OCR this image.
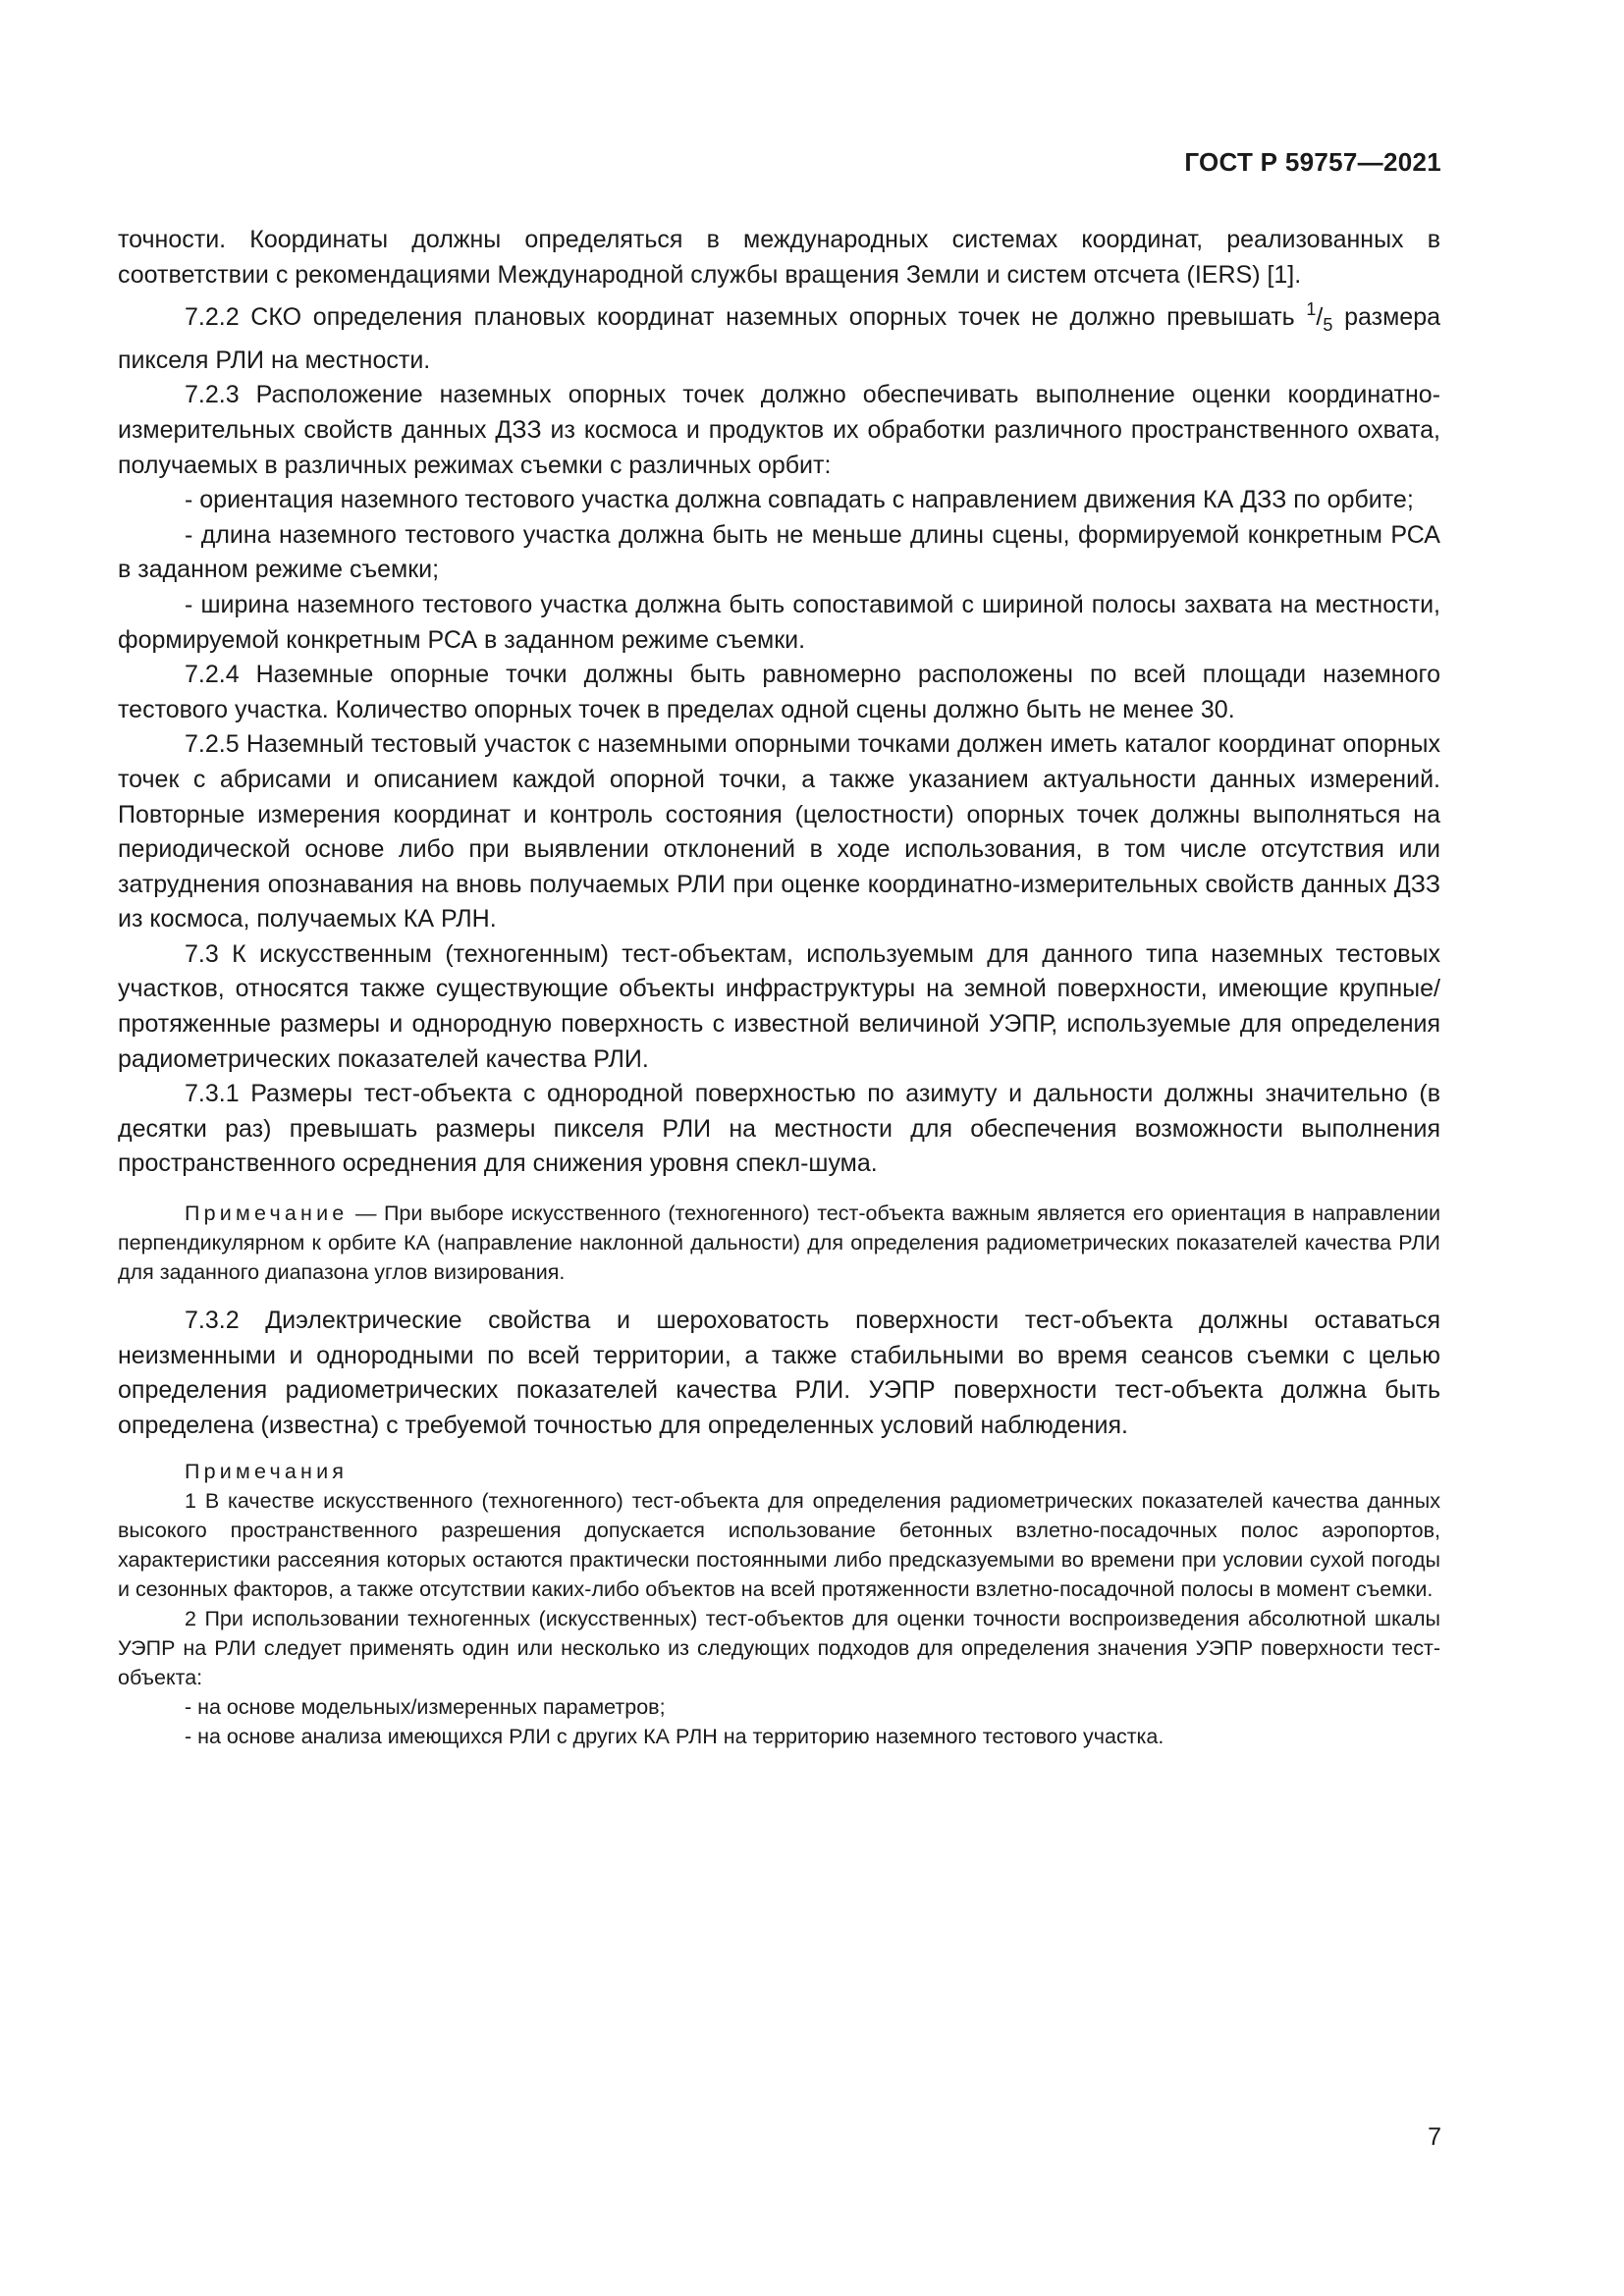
ГОСТ Р 59757—2021

точности. Координаты должны определяться в международных системах координат, реализованных в соответствии с рекомендациями Международной службы вращения Земли и систем отсчета (IERS) [1].

7.2.2 СКО определения плановых координат наземных опорных точек не должно превышать $^1/_5$ размера пикселя РЛИ на местности.

7.2.3 Расположение наземных опорных точек должно обеспечивать выполнение оценки координатно-измерительных свойств данных ДЗЗ из космоса и продуктов их обработки различного пространственного охвата, получаемых в различных режимах съемки с различных орбит:

- ориентация наземного тестового участка должна совпадать с направлением движения КА ДЗЗ по орбите;

- длина наземного тестового участка должна быть не меньше длины сцены, формируемой конкретным РСА в заданном режиме съемки;

- ширина наземного тестового участка должна быть сопоставимой с шириной полосы захвата на местности, формируемой конкретным РСА в заданном режиме съемки.

7.2.4 Наземные опорные точки должны быть равномерно расположены по всей площади наземного тестового участка. Количество опорных точек в пределах одной сцены должно быть не менее 30.

7.2.5 Наземный тестовый участок с наземными опорными точками должен иметь каталог координат опорных точек с абрисами и описанием каждой опорной точки, а также указанием актуальности данных измерений. Повторные измерения координат и контроль состояния (целостности) опорных точек должны выполняться на периодической основе либо при выявлении отклонений в ходе использования, в том числе отсутствия или затруднения опознавания на вновь получаемых РЛИ при оценке координатно-измерительных свойств данных ДЗЗ из космоса, получаемых КА РЛН.

7.3 К искусственным (техногенным) тест-объектам, используемым для данного типа наземных тестовых участков, относятся также существующие объекты инфраструктуры на земной поверхности, имеющие крупные/протяженные размеры и однородную поверхность с известной величиной УЭПР, используемые для определения радиометрических показателей качества РЛИ.

7.3.1 Размеры тест-объекта с однородной поверхностью по азимуту и дальности должны значительно (в десятки раз) превышать размеры пикселя РЛИ на местности для обеспечения возможности выполнения пространственного осреднения для снижения уровня спекл-шума.

Примечание — При выборе искусственного (техногенного) тест-объекта важным является его ориентация в направлении перпендикулярном к орбите КА (направление наклонной дальности) для определения радиометрических показателей качества РЛИ для заданного диапазона углов визирования.

7.3.2 Диэлектрические свойства и шероховатость поверхности тест-объекта должны оставаться неизменными и однородными по всей территории, а также стабильными во время сеансов съемки с целью определения радиометрических показателей качества РЛИ. УЭПР поверхности тест-объекта должна быть определена (известна) с требуемой точностью для определенных условий наблюдения.

Примечания

1 В качестве искусственного (техногенного) тест-объекта для определения радиометрических показателей качества данных высокого пространственного разрешения допускается использование бетонных взлетно-посадочных полос аэропортов, характеристики рассеяния которых остаются практически постоянными либо предсказуемыми во времени при условии сухой погоды и сезонных факторов, а также отсутствии каких-либо объектов на всей протяженности взлетно-посадочной полосы в момент съемки.

2 При использовании техногенных (искусственных) тест-объектов для оценки точности воспроизведения абсолютной шкалы УЭПР на РЛИ следует применять один или несколько из следующих подходов для определения значения УЭПР поверхности тест-объекта:

- на основе модельных/измеренных параметров;

- на основе анализа имеющихся РЛИ с других КА РЛН на территорию наземного тестового участка.

7
